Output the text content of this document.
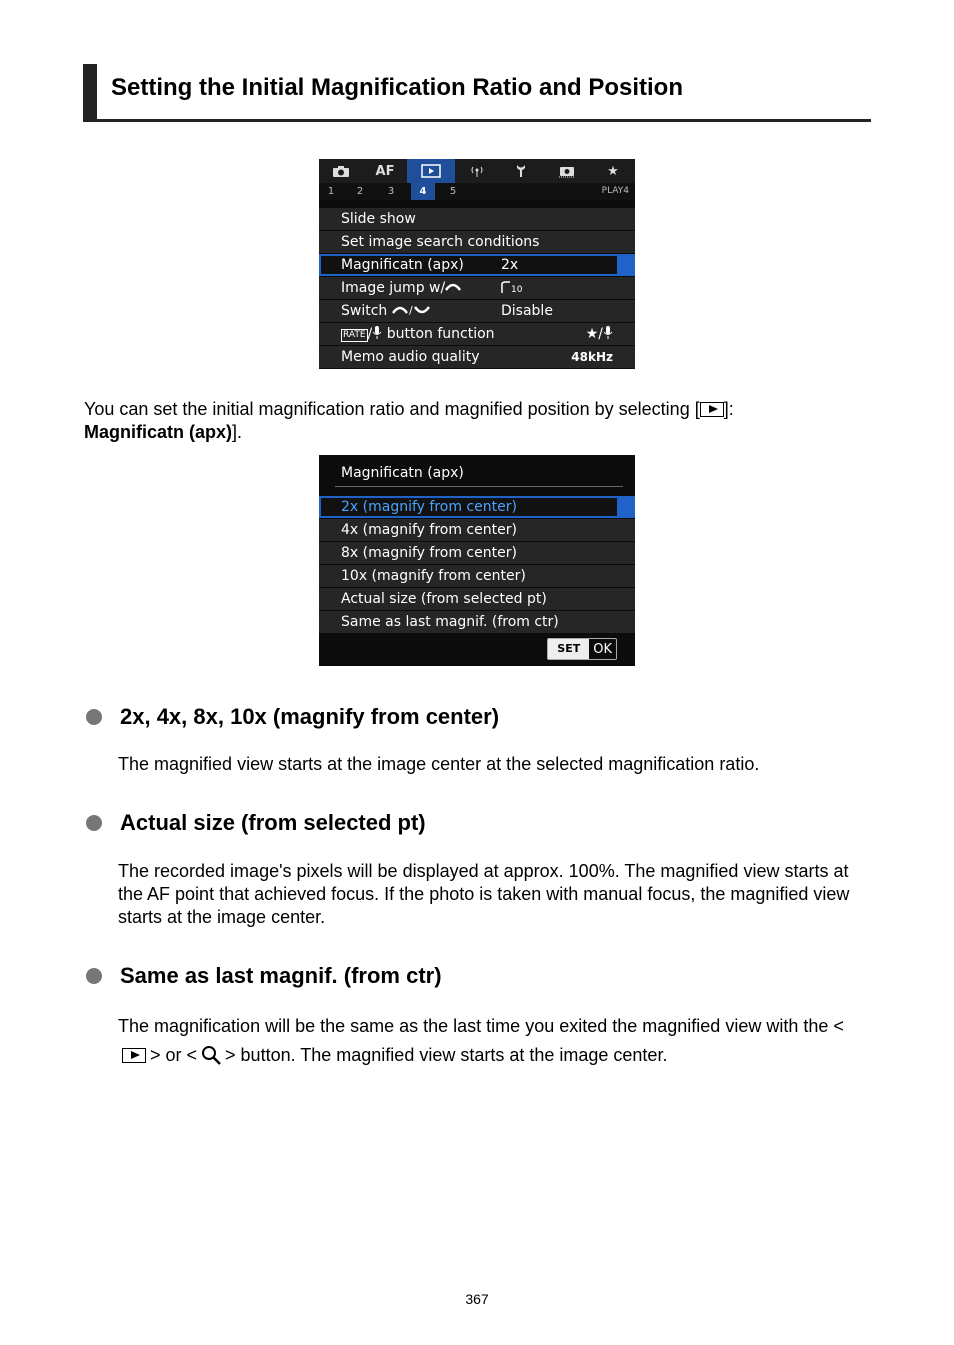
Setting the Initial Magnification Ratio and Position
AF	★
1	2	3	4	5	PLAY4
Slide show
Set image search conditions
Magnificatn (apx)	2x
Image jump w/	10
Switch /	Disable
RATE / button function	★/
Memo audio quality	48kHz

You can set the initial magnification ratio and magnified position by selecting [ ]:
Magnificatn (apx)].

Magnificatn (apx)
2x (magnify from center)
4x (magnify from center)
8x (magnify from center)
10x (magnify from center)
Actual size (from selected pt)
Same as last magnif. (from ctr)
SET	OK
2x, 4x, 8x, 10x (magnify from center)

The magnified view starts at the image center at the selected magnification ratio.

Actual size (from selected pt)

The recorded image's pixels will be displayed at approx. 100%. The magnified view starts at the AF point that achieved focus. If the photo is taken with manual focus, the magnified view starts at the image center.

Same as last magnif. (from ctr)

The magnification will be the same as the last time you exited the magnified view with the <> or < > button. The magnified view starts at the image center.

367
